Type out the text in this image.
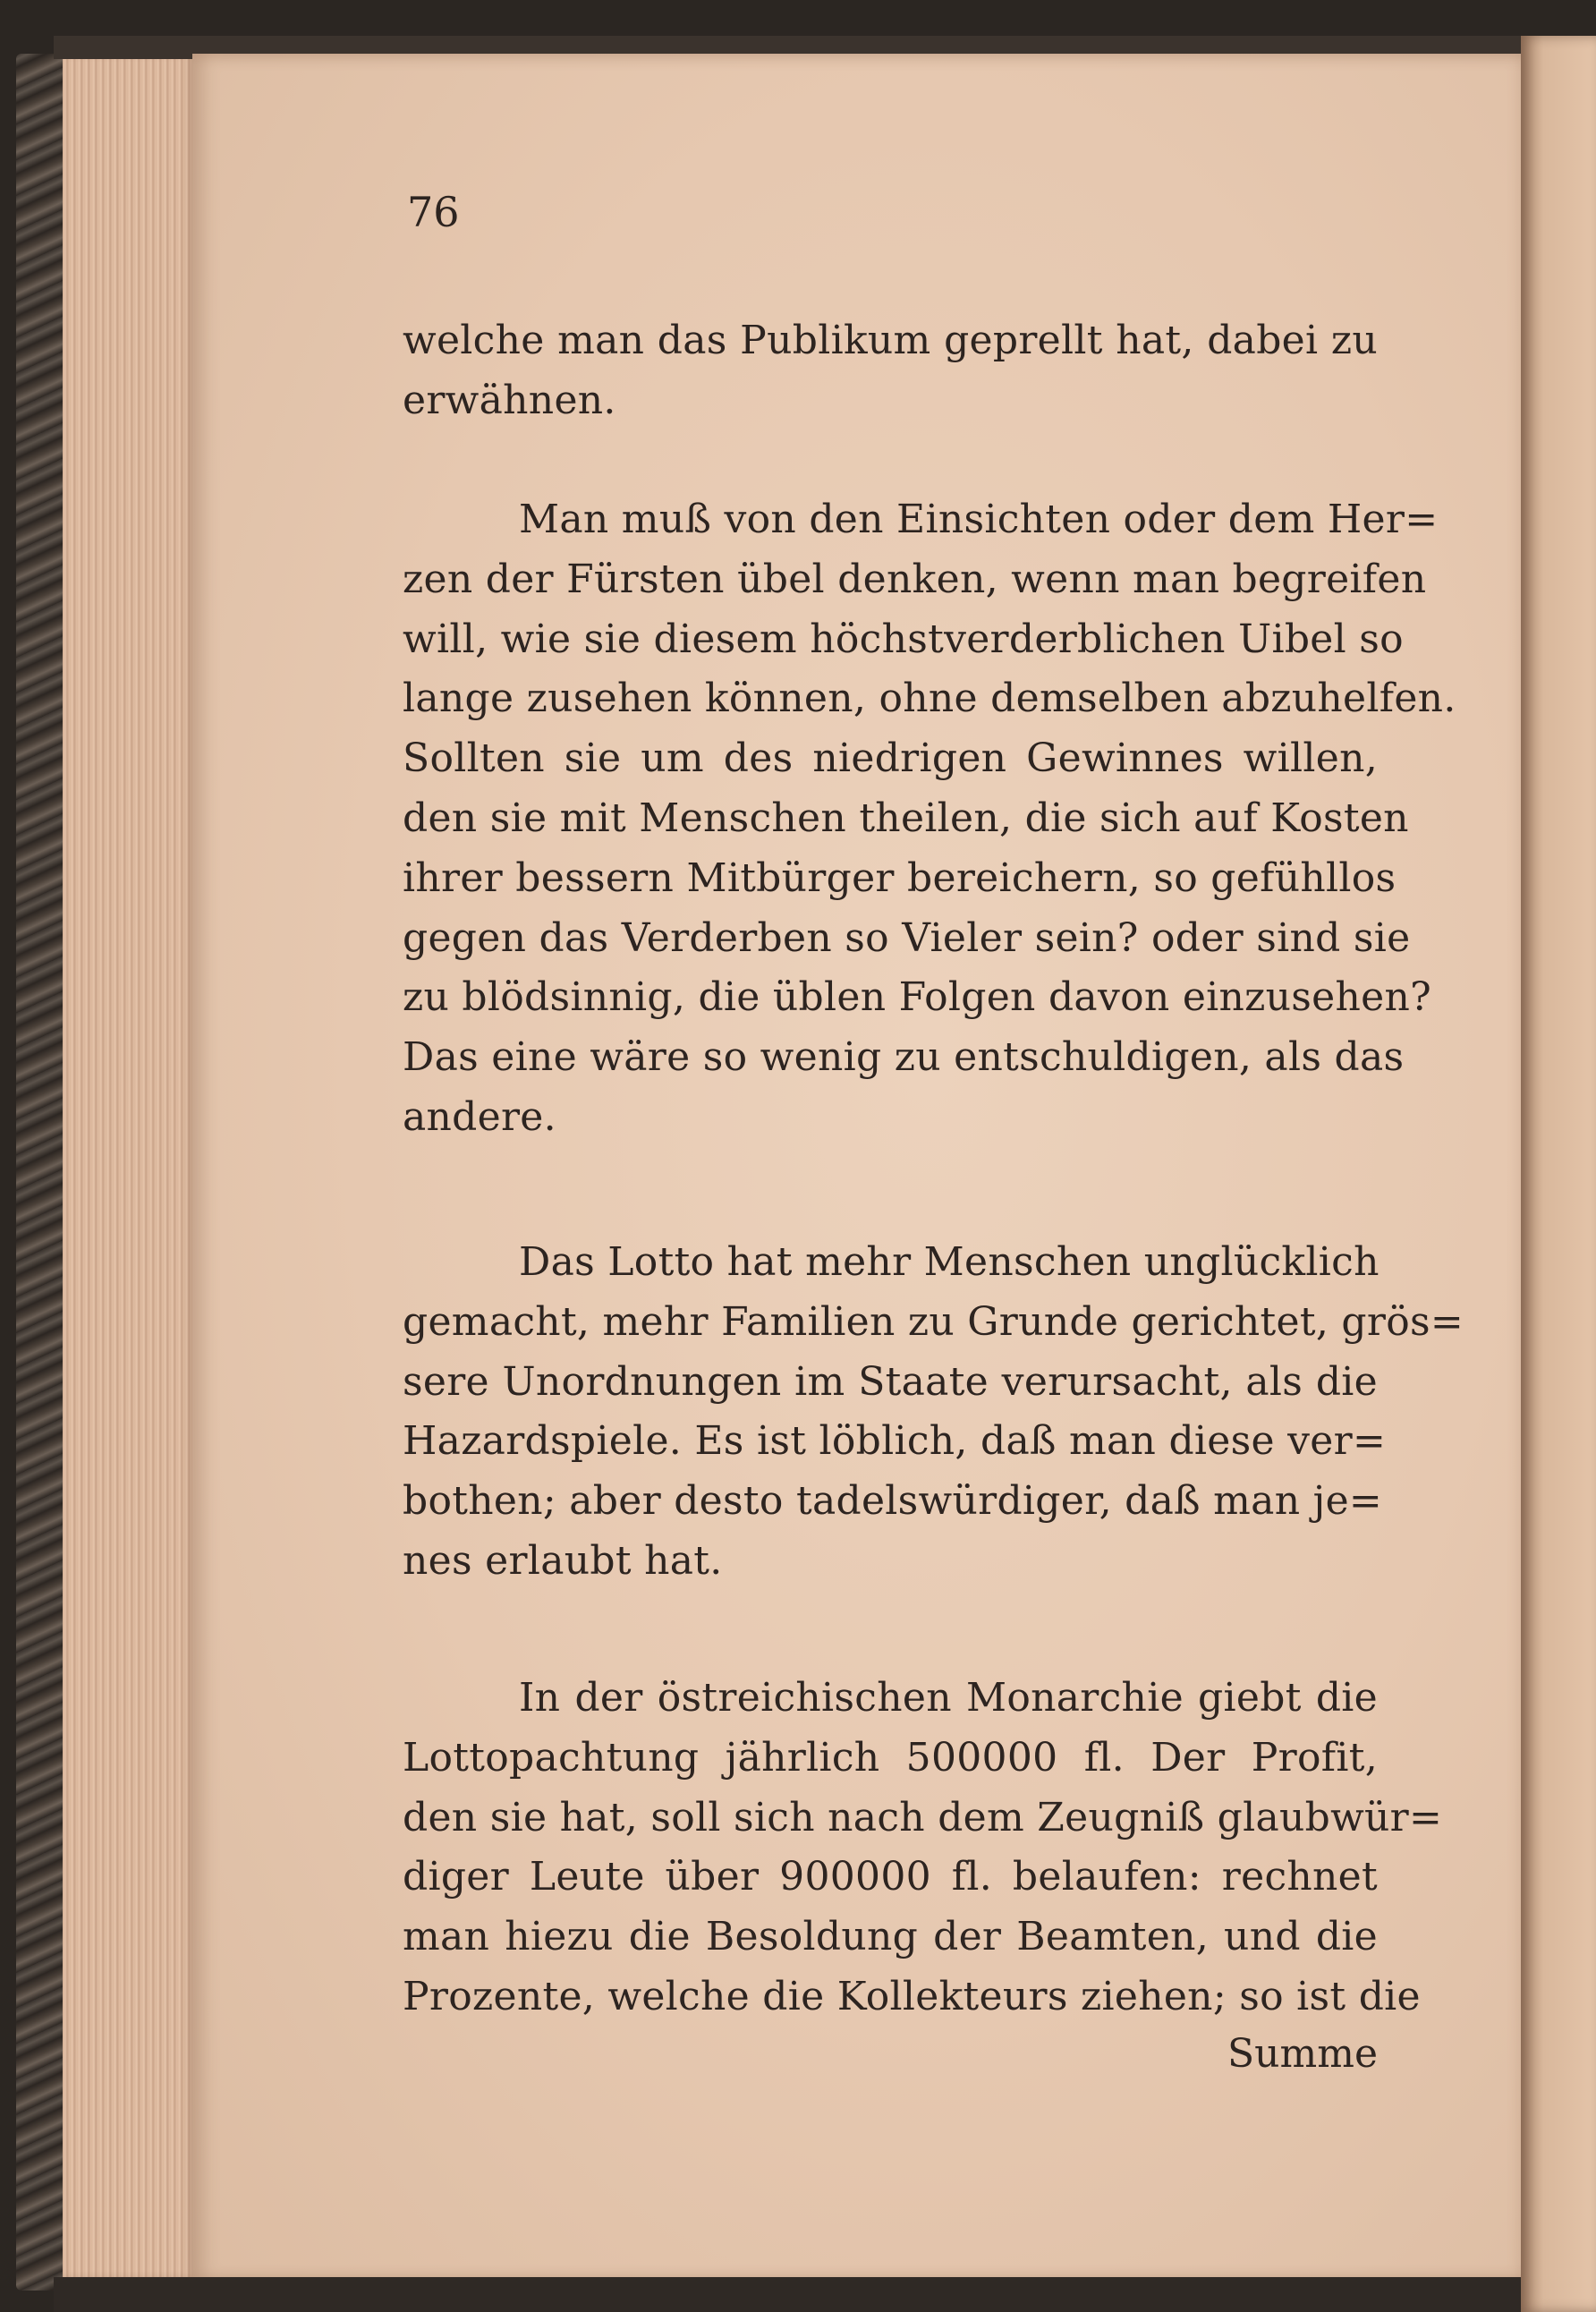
76
welche man das Publikum geprellt hat, dabei zu
erwähnen.
Man muß von den Einsichten oder dem Her=
zen der Fürsten übel denken, wenn man begreifen
will, wie sie diesem höchstverderblichen Uibel so
lange zusehen können, ohne demselben abzuhelfen.
Sollten sie um des niedrigen Gewinnes willen,
den sie mit Menschen theilen, die sich auf Kosten
ihrer bessern Mitbürger bereichern, so gefühllos
gegen das Verderben so Vieler sein? oder sind sie
zu blödsinnig, die üblen Folgen davon einzusehen?
Das eine wäre so wenig zu entschuldigen, als das
andere.
Das Lotto hat mehr Menschen unglücklich
gemacht, mehr Familien zu Grunde gerichtet, grös=
sere Unordnungen im Staate verursacht, als die
Hazardspiele. Es ist löblich, daß man diese ver=
bothen; aber desto tadelswürdiger, daß man je=
nes erlaubt hat.
In der östreichischen Monarchie giebt die
Lottopachtung jährlich 500000 fl. Der Profit,
den sie hat, soll sich nach dem Zeugniß glaubwür=
diger Leute über 900000 fl. belaufen: rechnet
man hiezu die Besoldung der Beamten, und die
Prozente, welche die Kollekteurs ziehen; so ist die
Summe
